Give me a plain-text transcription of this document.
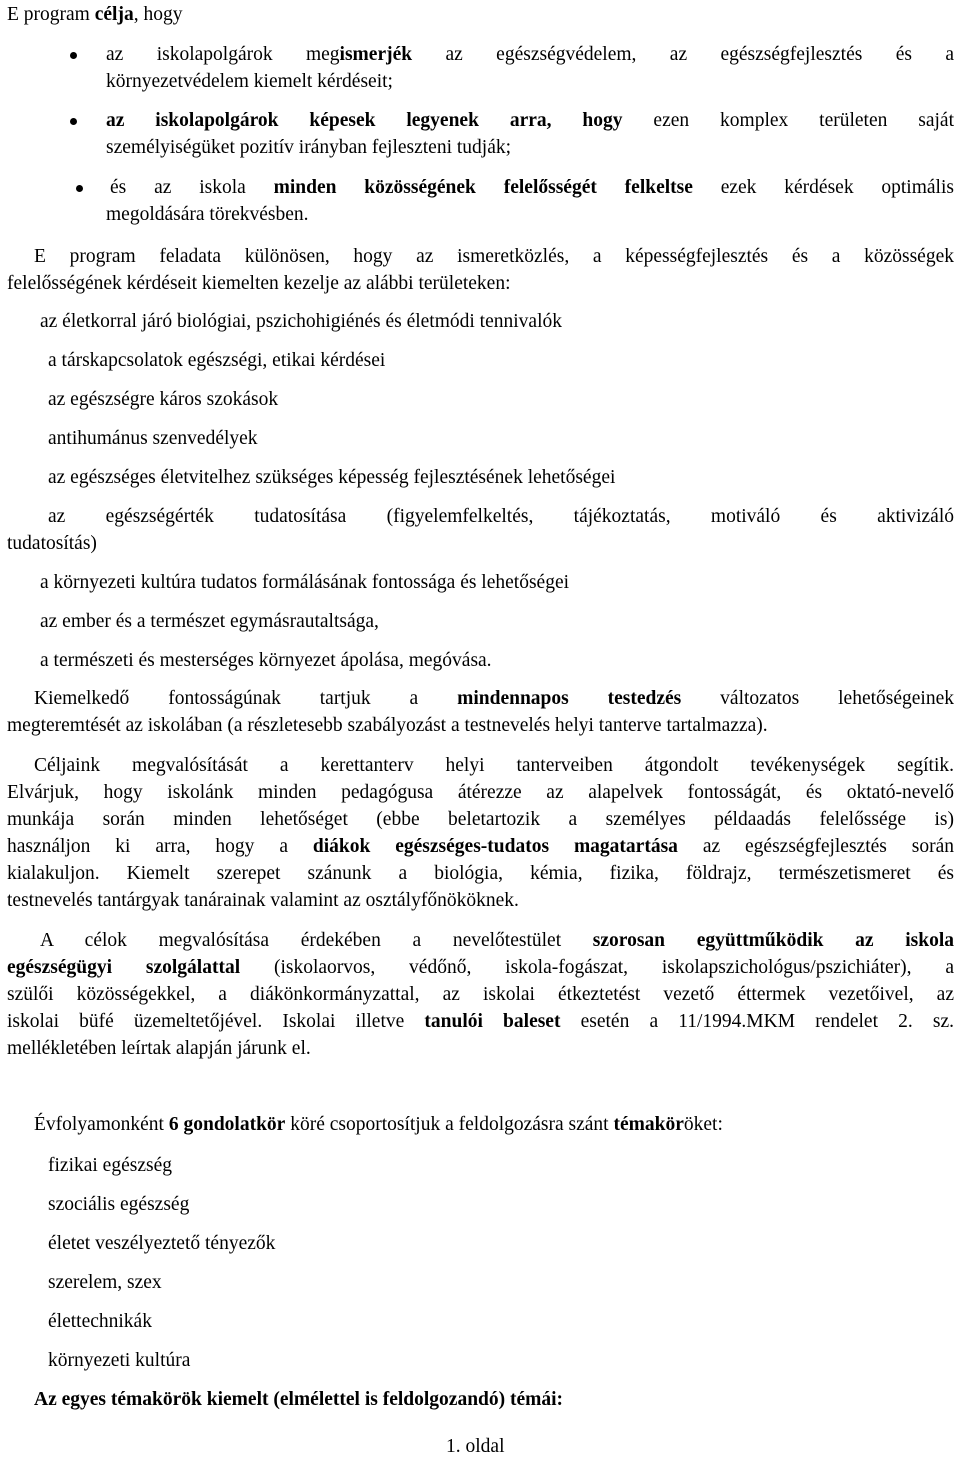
E program célja, hogy
az iskolapolgárok megismerjék az egészségvédelem, az egészségfejlesztés és a
környezetvédelem kiemelt kérdéseit;
az iskolapolgárok képesek legyenek arra, hogy ezen komplex területen saját
személyiségüket pozitív irányban fejleszteni tudják;
és az iskola minden közösségének felelősségét felkeltse ezek kérdések optimális
megoldására törekvésben.
E program feladata különösen, hogy az ismeretközlés, a képességfejlesztés és a közösségek
felelősségének kérdéseit kiemelten kezelje az alábbi területeken:
az életkorral járó biológiai, pszichohigiénés és életmódi tennivalók
a társkapcsolatok egészségi, etikai kérdései
az egészségre káros szokások
antihumánus szenvedélyek
az egészséges életvitelhez szükséges képesség fejlesztésének lehetőségei
az egészségérték tudatosítása (figyelemfelkeltés, tájékoztatás, motiváló és aktivizáló
tudatosítás)
a környezeti kultúra tudatos formálásának fontossága és lehetőségei
az ember és a természet egymásrautaltsága,
a természeti és mesterséges környezet ápolása, megóvása.
Kiemelkedő fontosságúnak tartjuk a mindennapos testedzés változatos lehetőségeinek
megteremtését az iskolában (a részletesebb szabályozást a testnevelés helyi tanterve tartalmazza).
Céljaink megvalósítását a kerettanterv helyi tanterveiben átgondolt tevékenységek segítik.
Elvárjuk, hogy iskolánk minden pedagógusa átérezze az alapelvek fontosságát, és oktató-nevelő
munkája során minden lehetőséget (ebbe beletartozik a személyes példaadás felelőssége is)
használjon ki arra, hogy a diákok egészséges-tudatos magatartása az egészségfejlesztés során
kialakuljon. Kiemelt szerepet szánunk a biológia, kémia, fizika, földrajz, természetismeret és
testnevelés tantárgyak tanárainak valamint az osztályfőnököknek.
A célok megvalósítása érdekében a nevelőtestület szorosan együttműködik az iskola
egészségügyi szolgálattal (iskolaorvos, védőnő, iskola-fogászat, iskolapszichológus/pszichiáter), a
szülői közösségekkel, a diákönkormányzattal, az iskolai étkeztetést vezető éttermek vezetőivel, az
iskolai büfé üzemeltetőjével. Iskolai illetve tanulói baleset esetén a 11/1994.MKM rendelet 2. sz.
mellékletében leírtak alapján járunk el.
Évfolyamonként 6 gondolatkör köré csoportosítjuk a feldolgozásra szánt témaköröket:
fizikai egészség
szociális egészség
életet veszélyeztető tényezők
szerelem, szex
élettechnikák
környezeti kultúra
Az egyes témakörök kiemelt (elmélettel is feldolgozandó) témái:
1. oldal
